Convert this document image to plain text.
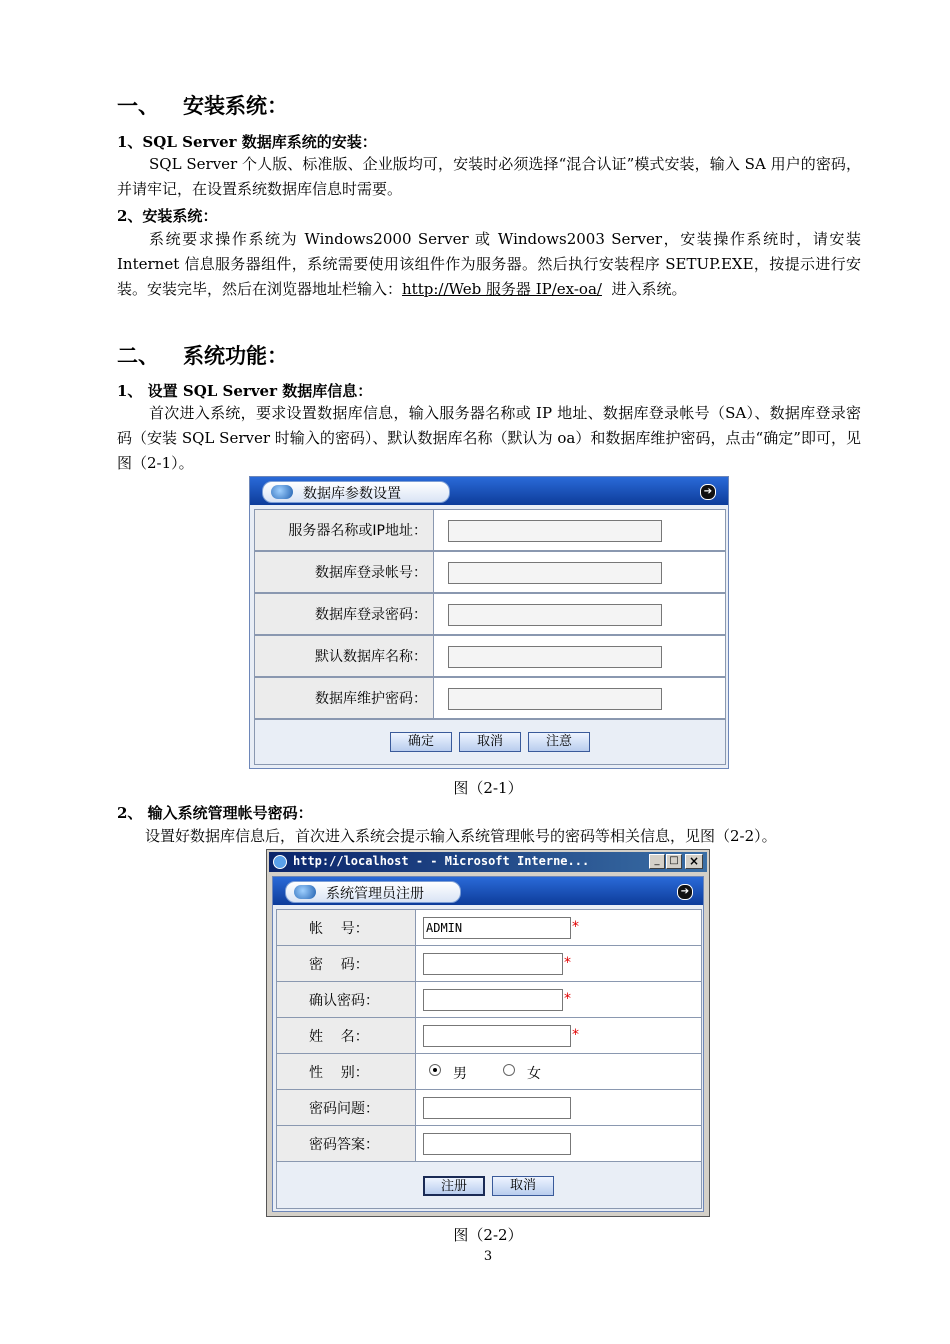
一、 安装系统：
1、SQL Server 数据库系统的安装：
SQL Server 个人版、标准版、企业版均可，安装时必须选择“混合认证”模式安装，输入 SA 用户的密码，并请牢记，在设置系统数据库信息时需要。
2、安装系统：
系统要求操作系统为 Windows2000 Server 或 Windows2003 Server，安装操作系统时，请安装 Internet 信息服务器组件，系统需要使用该组件作为服务器。然后执行安装程序 SETUP.EXE，按提示进行安装。安装完毕，然后在浏览器地址栏输入：http://Web 服务器 IP/ex-oa/  进入系统。
二、 系统功能：
1、 设置 SQL Server 数据库信息：
首次进入系统，要求设置数据库信息，输入服务器名称或 IP 地址、数据库登录帐号（SA）、数据库登录密码（安装 SQL Server 时输入的密码）、默认数据库名称（默认为 oa）和数据库维护密码，点击“确定”即可，见图（2-1）。
数据库参数设置	➔
服务器名称或IP地址：
数据库登录帐号：
数据库登录密码：
默认数据库名称：
数据库维护密码：
确定	取消	注意
图（2-1）
2、 输入系统管理帐号密码：
设置好数据库信息后，首次进入系统会提示输入系统管理帐号的密码等相关信息，见图（2-2）。
http://localhost - - Microsoft Interne...	_ □ ×
系统管理员注册	➔
帐    号：
ADMIN	*
密    码：	*
确认密码：	*
姓    名：	*
性    别：	男	女
密码问题：
密码答案：
注册	取消
图（2-2）
3
